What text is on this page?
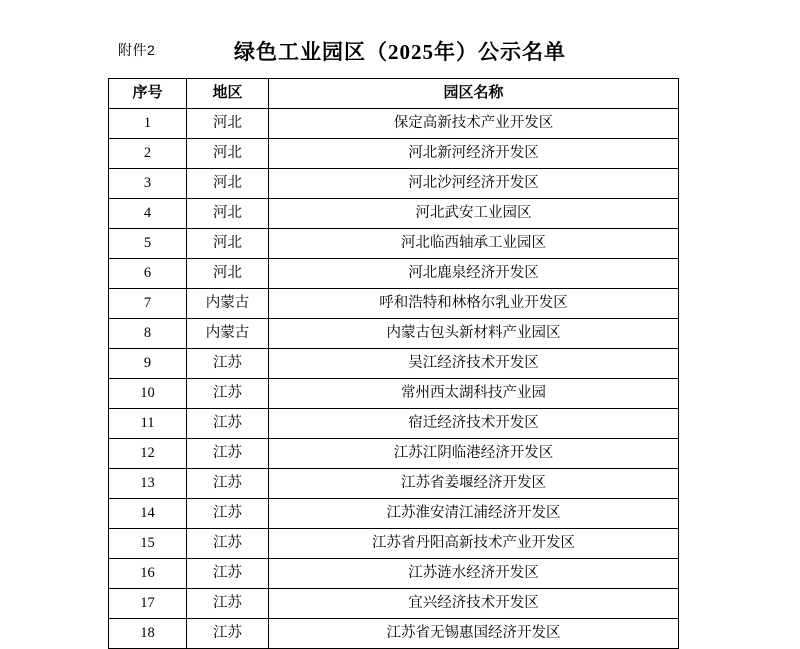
附件2	绿色工业园区（2025年）公示名单
序号	地区	园区名称
1	河北	保定高新技术产业开发区
2	河北	河北新河经济开发区
3	河北	河北沙河经济开发区
4	河北	河北武安工业园区
5	河北	河北临西轴承工业园区
6	河北	河北鹿泉经济开发区
7	内蒙古	呼和浩特和林格尔乳业开发区
8	内蒙古	内蒙古包头新材料产业园区
9	江苏	吴江经济技术开发区
10	江苏	常州西太湖科技产业园
11	江苏	宿迁经济技术开发区
12	江苏	江苏江阴临港经济开发区
13	江苏	江苏省姜堰经济开发区
14	江苏	江苏淮安清江浦经济开发区
15	江苏	江苏省丹阳高新技术产业开发区
16	江苏	江苏涟水经济开发区
17	江苏	宜兴经济技术开发区
18	江苏	江苏省无锡惠国经济开发区
